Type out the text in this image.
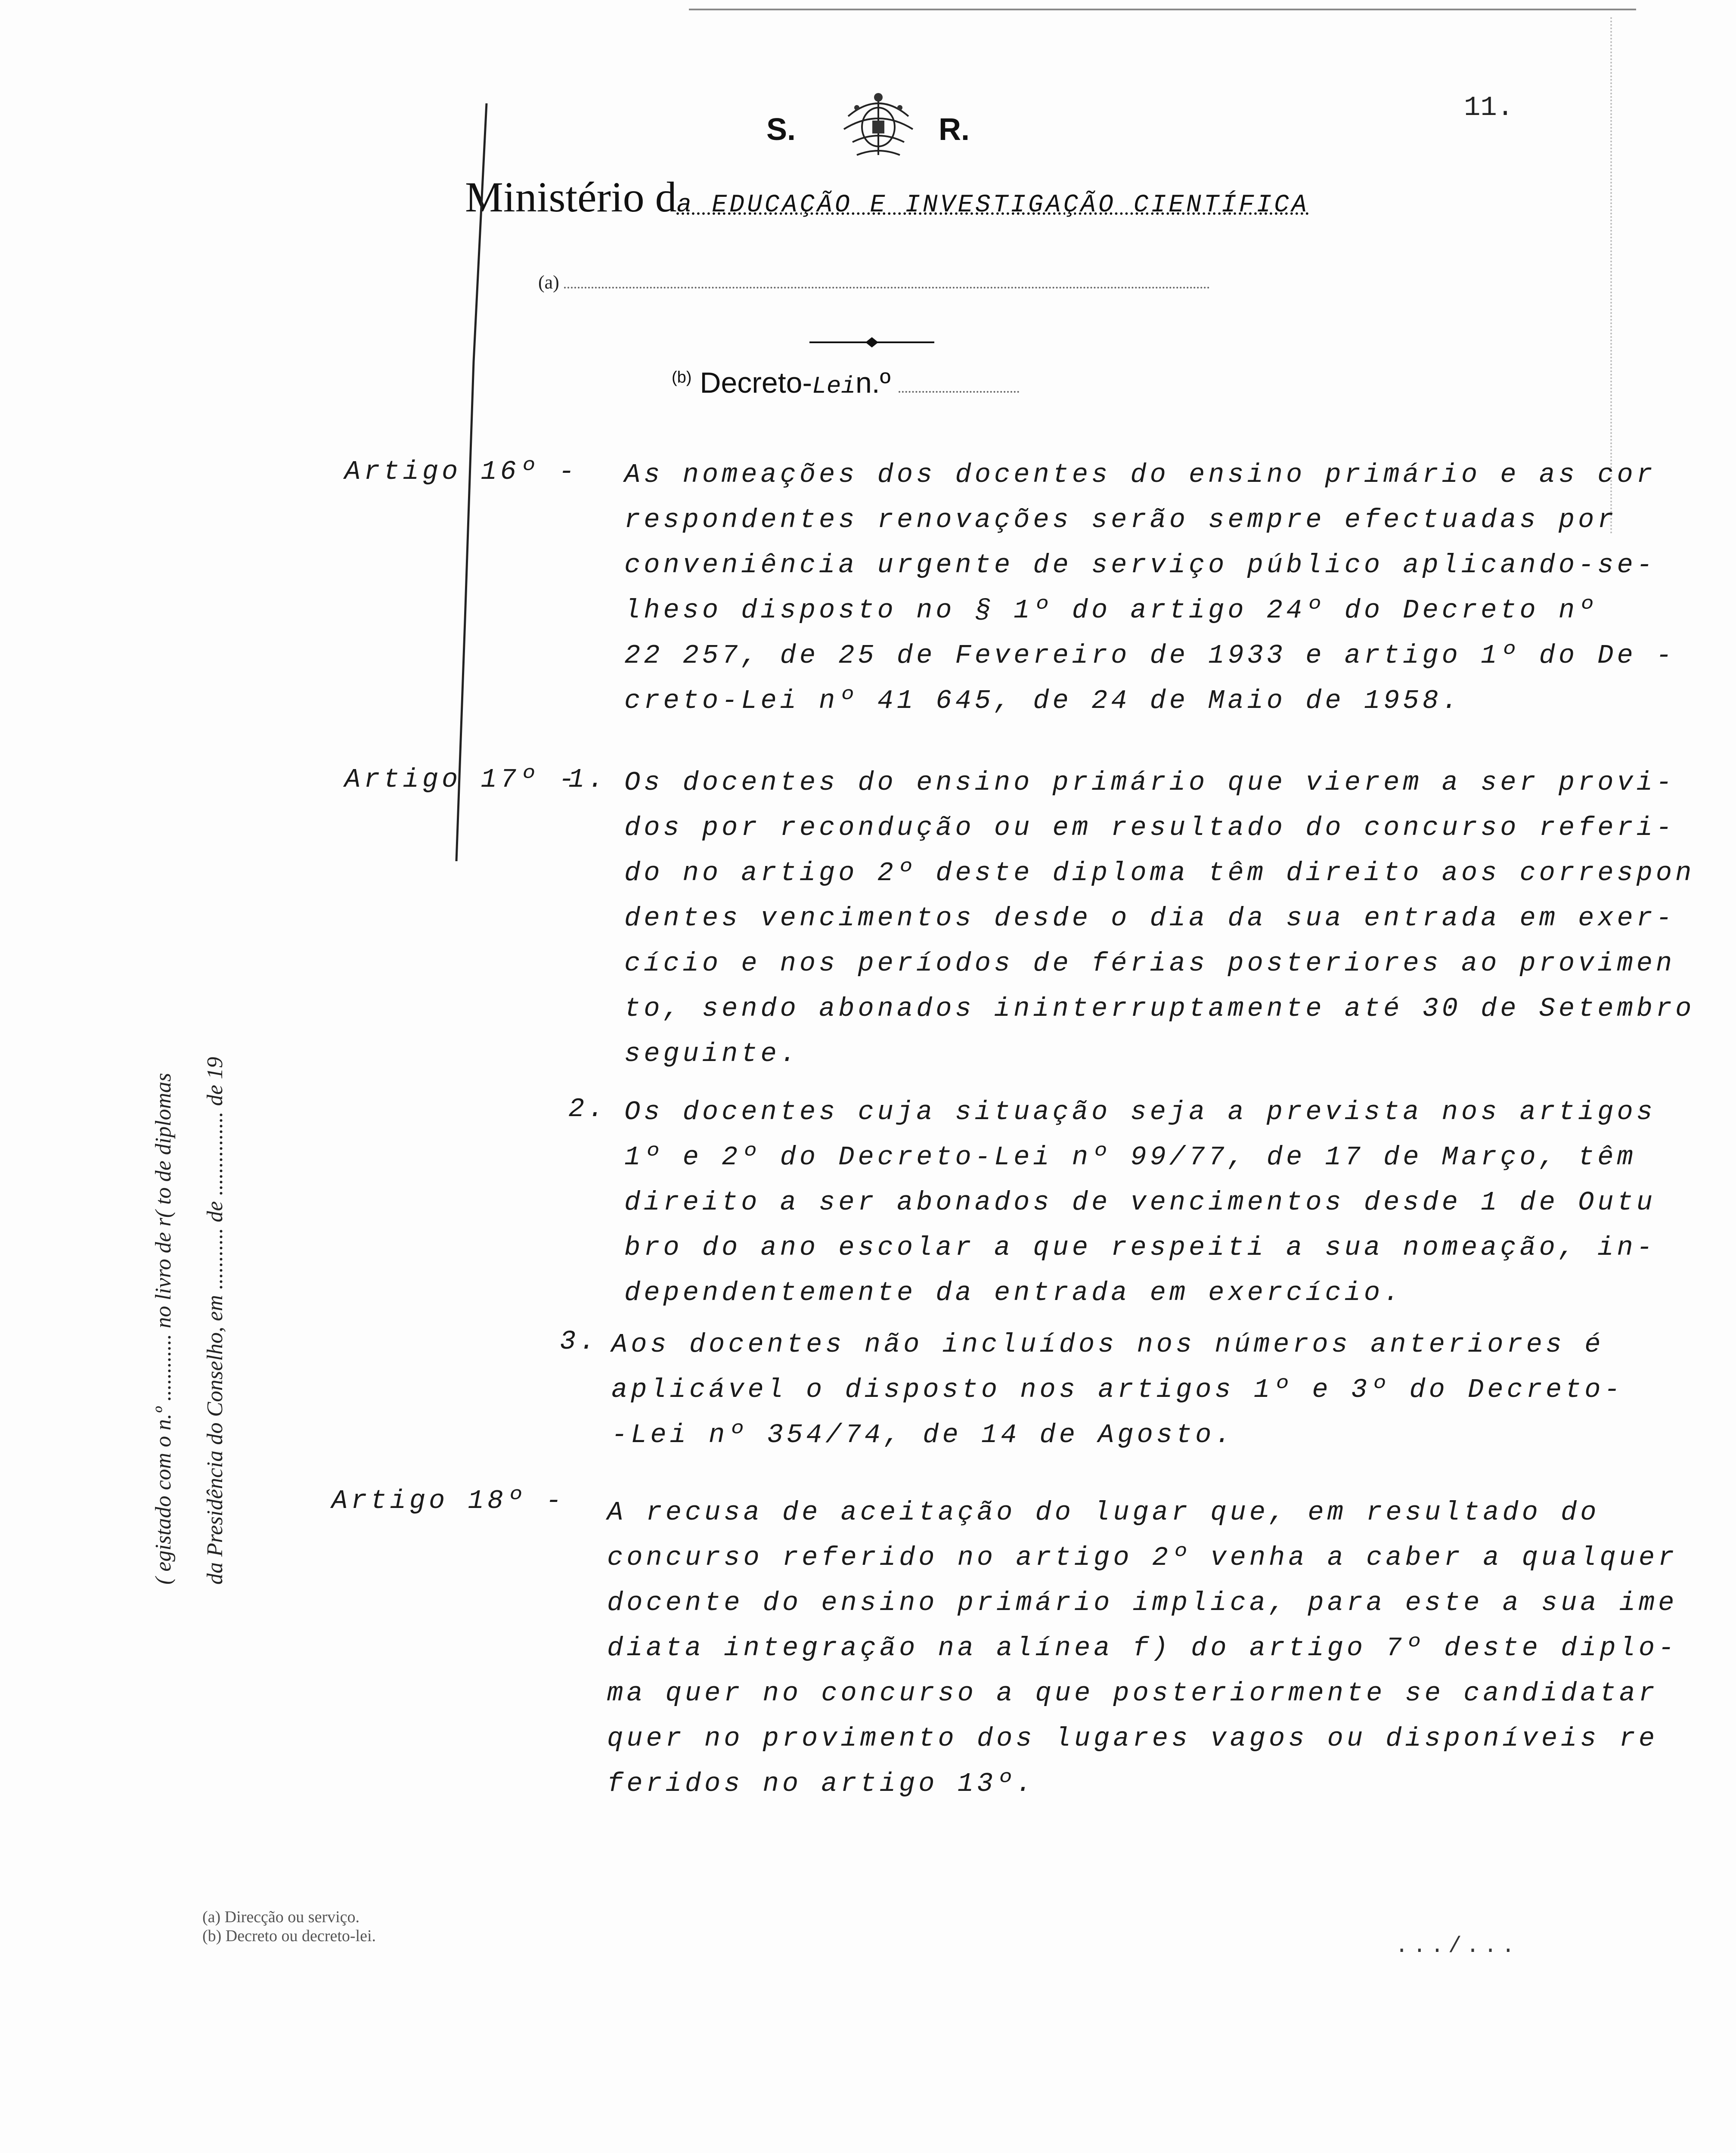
S.	R.
11.
Ministério da EDUCAÇÃO E INVESTIGAÇÃO CIENTÍFICA
(a)
$^{(b)}$ Decreto-Lein.º
( egistado com o n.º ............ no livro de r( to de diplomas	da Presidência do Conselho, em ........... de ............... de 19
Artigo 16º - As nomeações dos docentes do ensino primário e as cor
respondentes renovações serão sempre efectuadas por
conveniência urgente de serviço público aplicando-se-
lheso disposto no § 1º do artigo 24º do Decreto nº
22 257, de 25 de Fevereiro de 1933 e artigo 1º do De -
creto-Lei nº 41 645, de 24 de Maio de 1958.
Artigo 17º -
1. Os docentes do ensino primário que vierem a ser provi-
dos por recondução ou em resultado do concurso referi-
do no artigo 2º deste diploma têm direito aos correspon
dentes vencimentos desde o dia da sua entrada em exer-
cício e nos períodos de férias posteriores ao provimen
to, sendo abonados ininterruptamente até 30 de Setembro
seguinte.
2. Os docentes cuja situação seja a prevista nos artigos
1º e 2º do Decreto-Lei nº 99/77, de 17 de Março, têm
direito a ser abonados de vencimentos desde 1 de Outu
bro do ano escolar a que respeiti a sua nomeação, in-
dependentemente da entrada em exercício.
3. Aos docentes não incluídos nos números anteriores é
aplicável o disposto nos artigos 1º e 3º do Decreto-
-Lei nº 354/74, de 14 de Agosto.
Artigo 18º - A recusa de aceitação do lugar que, em resultado do
concurso referido no artigo 2º venha a caber a qualquer
docente do ensino primário implica, para este a sua ime
diata integração na alínea f) do artigo 7º deste diplo-
ma quer no concurso a que posteriormente se candidatar
quer no provimento dos lugares vagos ou disponíveis re
feridos no artigo 13º.
(a) Direcção ou serviço.
(b) Decreto ou decreto-lei.	.../...
